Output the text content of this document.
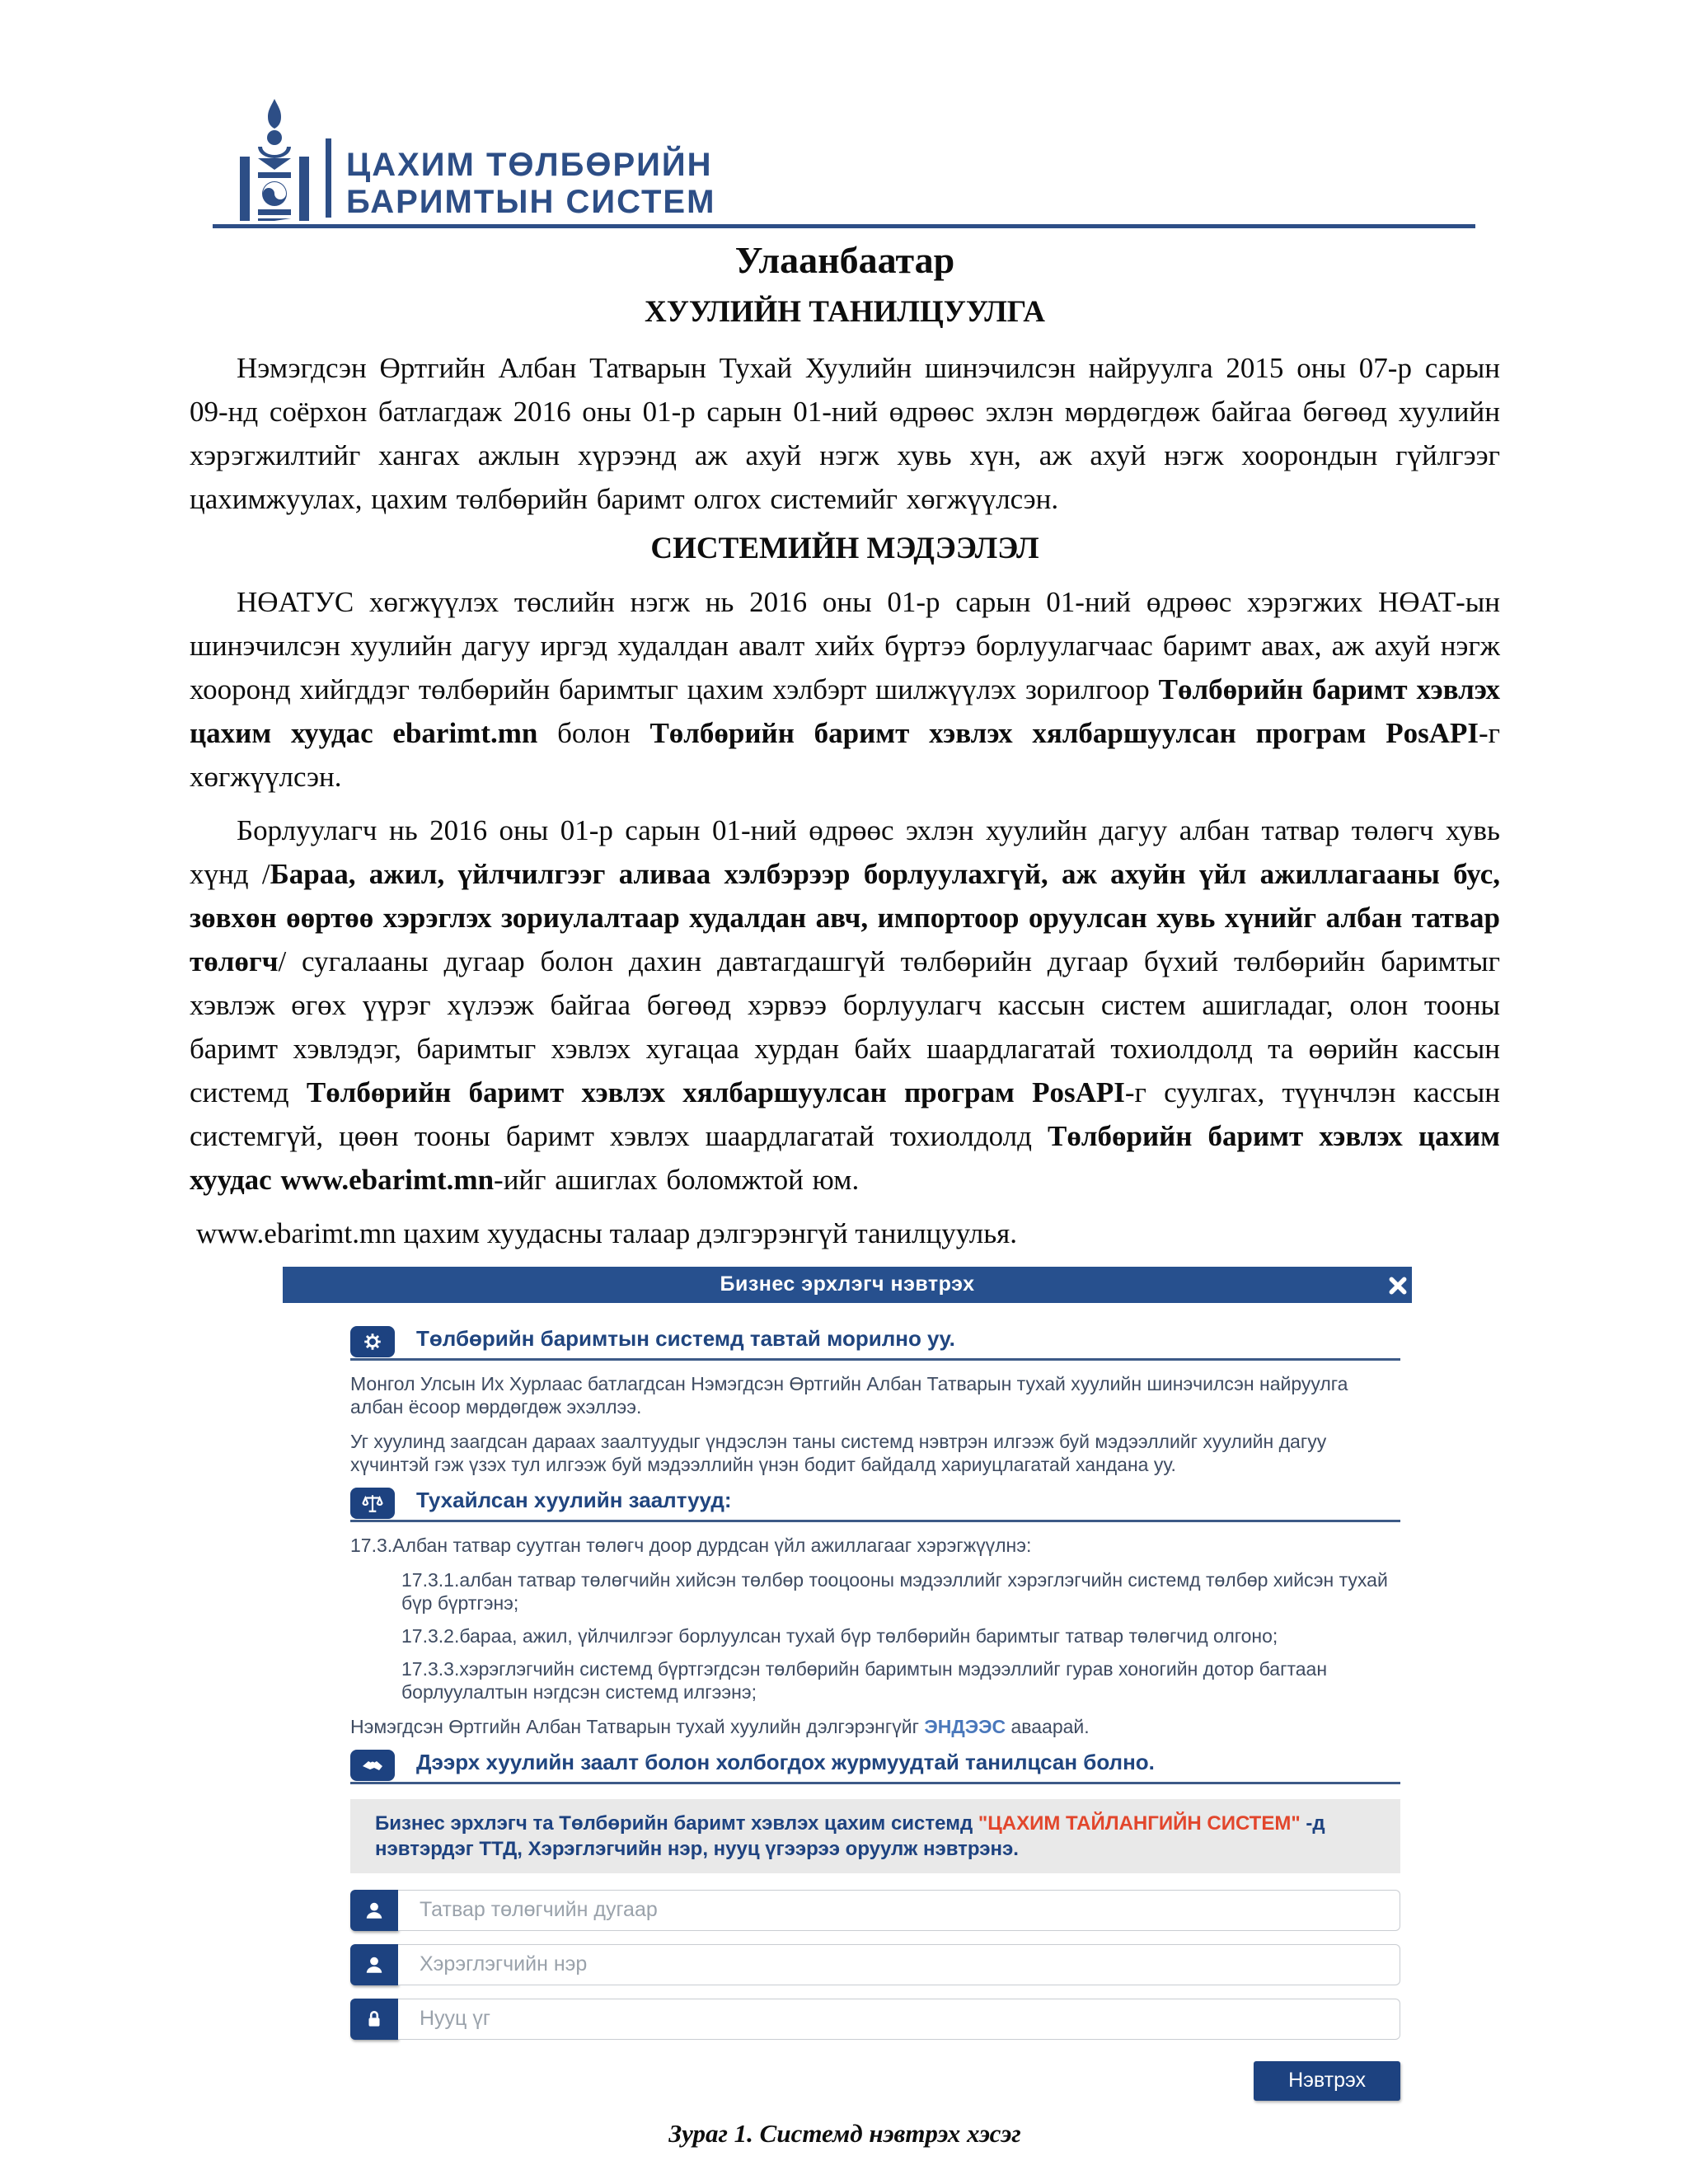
ЦАХИМ ТӨЛБӨРИЙН
БАРИМТЫН СИСТЕМ
Улаанбаатар
ХУУЛИЙН ТАНИЛЦУУЛГА

Нэмэгдсэн Өртгийн Албан Татварын Тухай Хуулийн шинэчилсэн найруулга 2015 оны 07-р сарын 09-нд соёрхон батлагдаж 2016 оны 01-р сарын 01-ний өдрөөс эхлэн мөрдөгдөж байгаа бөгөөд хуулийн хэрэгжилтийг хангах ажлын хүрээнд аж ахуй нэгж хувь хүн, аж ахуй нэгж хоорондын гүйлгээг цахимжуулах, цахим төлбөрийн баримт олгох системийг хөгжүүлсэн.

СИСТЕМИЙН МЭДЭЭЛЭЛ

НӨАТУС хөгжүүлэх төслийн нэгж нь 2016 оны 01-р сарын 01-ний өдрөөс хэрэгжих НӨАТ-ын шинэчилсэн хуулийн дагуу иргэд худалдан авалт хийх бүртээ борлуулагчаас баримт авах, аж ахуй нэгж хооронд хийгддэг төлбөрийн баримтыг цахим хэлбэрт шилжүүлэх зорилгоор Төлбөрийн баримт хэвлэх цахим хуудас ebarimt.mn болон Төлбөрийн баримт хэвлэх хялбаршуулсан програм PosAPI-г хөгжүүлсэн.

Борлуулагч нь 2016 оны 01-р сарын 01-ний өдрөөс эхлэн хуулийн дагуу албан татвар төлөгч хувь хүнд /Бараа, ажил, үйлчилгээг аливаа хэлбэрээр борлуулахгүй, аж ахуйн үйл ажиллагааны бус, зөвхөн өөртөө хэрэглэх зориулалтаар худалдан авч, импортоор оруулсан хувь хүнийг албан татвар төлөгч/ сугалааны дугаар болон дахин давтагдашгүй төлбөрийн дугаар бүхий төлбөрийн баримтыг хэвлэж өгөх үүрэг хүлээж байгаа бөгөөд хэрвээ борлуулагч кассын систем ашигладаг, олон тооны баримт хэвлэдэг, баримтыг хэвлэх хугацаа хурдан байх шаардлагатай тохиолдолд та өөрийн кассын системд Төлбөрийн баримт хэвлэх хялбаршуулсан програм PosAPI-г суулгах, түүнчлэн кассын системгүй, цөөн тооны баримт хэвлэх шаардлагатай тохиолдолд Төлбөрийн баримт хэвлэх цахим хуудас www.ebarimt.mn-ийг ашиглах боломжтой юм.

www.ebarimt.mn цахим хуудасны талаар дэлгэрэнгүй танилцуулья.

Бизнес эрхлэгч нэвтрэх
Төлбөрийн баримтын системд тавтай морилно уу.

Монгол Улсын Их Хурлаас батлагдсан Нэмэгдсэн Өртгийн Албан Татварын тухай хуулийн шинэчилсэн найруулга албан ёсоор мөрдөгдөж эхэллээ.

Уг хуулинд заагдсан дараах заалтуудыг үндэслэн таны системд нэвтрэн илгээж буй мэдээллийг хуулийн дагуу хүчинтэй гэж үзэх тул илгээж буй мэдээллийн үнэн бодит байдалд хариуцлагатай хандана уу.

Тухайлсан хуулийн заалтууд:

17.3.Албан татвар суутган төлөгч доор дурдсан үйл ажиллагааг хэрэгжүүлнэ:

17.3.1.албан татвар төлөгчийн хийсэн төлбөр тооцооны мэдээллийг хэрэглэгчийн системд төлбөр хийсэн тухай бүр бүртгэнэ;

17.3.2.бараа, ажил, үйлчилгээг борлуулсан тухай бүр төлбөрийн баримтыг татвар төлөгчид олгоно;

17.3.3.хэрэглэгчийн системд бүртгэгдсэн төлбөрийн баримтын мэдээллийг гурав хоногийн дотор багтаан борлуулалтын нэгдсэн системд илгээнэ;

Нэмэгдсэн Өртгийн Албан Татварын тухай хуулийн дэлгэрэнгүйг ЭНДЭЭС аваарай.

Дээрх хуулийн заалт болон холбогдох журмуудтай танилцсан болно.
Бизнес эрхлэгч та Төлбөрийн баримт хэвлэх цахим системд "ЦАХИМ ТАЙЛАНГИЙН СИСТЕМ" -д нэвтэрдэг ТТД, Хэрэглэгчийн нэр, нууц үгээрээ оруулж нэвтрэнэ.
Татвар төлөгчийн дугаар
Хэрэглэгчийн нэр
Нэвтрэх
Зураг 1. Системд нэвтрэх хэсэг
